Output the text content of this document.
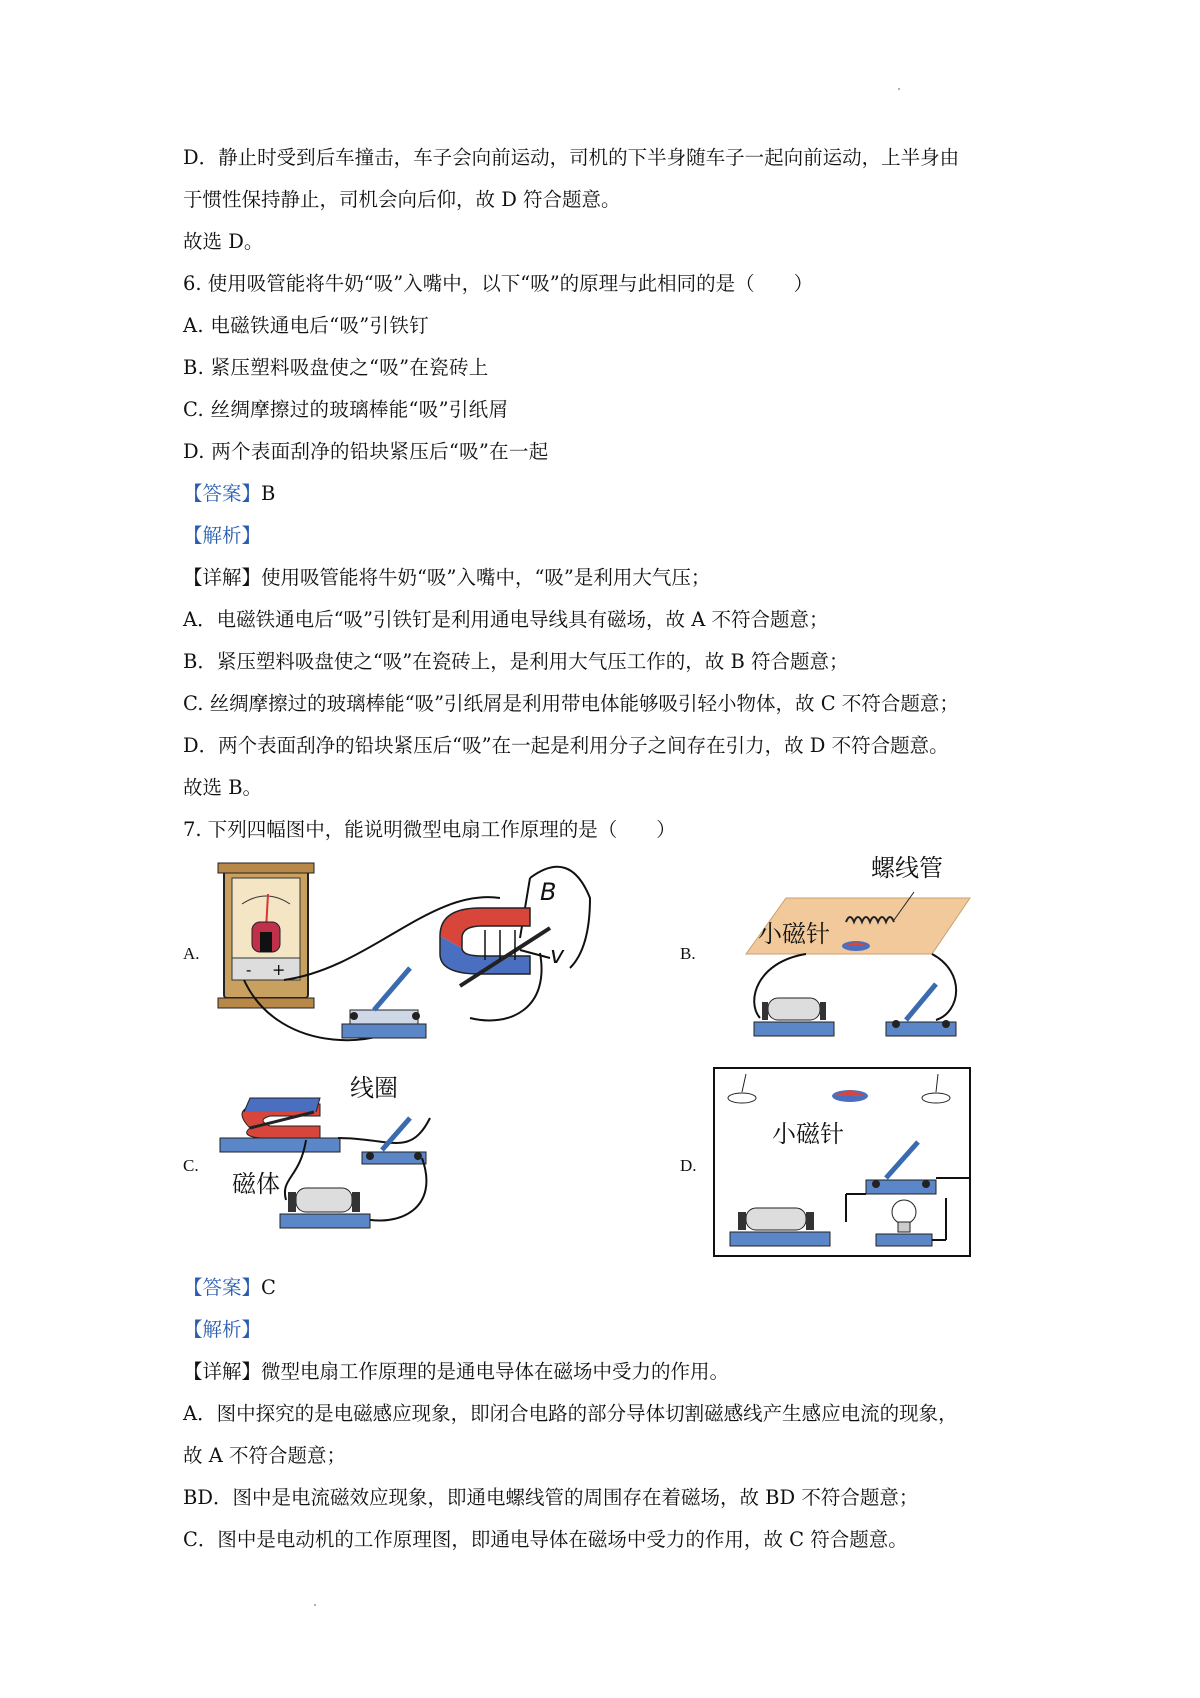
D．静止时受到后车撞击，车子会向前运动，司机的下半身随车子一起向前运动，上半身由
于惯性保持静止，司机会向后仰，故 D 符合题意。
故选 D。
6. 使用吸管能将牛奶“吸”入嘴中，以下“吸”的原理与此相同的是（　　）
A. 电磁铁通电后“吸”引铁钉
B. 紧压塑料吸盘使之“吸”在瓷砖上
C. 丝绸摩擦过的玻璃棒能“吸”引纸屑
D. 两个表面刮净的铅块紧压后“吸”在一起
【答案】B
【解析】
【详解】使用吸管能将牛奶“吸”入嘴中，“吸”是利用大气压；
A．电磁铁通电后“吸”引铁钉是利用通电导线具有磁场，故 A 不符合题意；
B．紧压塑料吸盘使之“吸”在瓷砖上，是利用大气压工作的，故 B 符合题意；
C. 丝绸摩擦过的玻璃棒能“吸”引纸屑是利用带电体能够吸引轻小物体，故 C 不符合题意；
D．两个表面刮净的铅块紧压后“吸”在一起是利用分子之间存在引力，故 D 不符合题意。
故选 B。
7. 下列四幅图中，能说明微型电扇工作原理的是（　　）
A.	B.
C.	D.
- +
B
v
螺线管
小磁针
线圈
磁体
小磁针
【答案】C
【解析】
【详解】微型电扇工作原理的是通电导体在磁场中受力的作用。
A．图中探究的是电磁感应现象，即闭合电路的部分导体切割磁感线产生感应电流的现象，
故 A 不符合题意；
BD．图中是电流磁效应现象，即通电螺线管的周围存在着磁场，故 BD 不符合题意；
C．图中是电动机的工作原理图，即通电导体在磁场中受力的作用，故 C 符合题意。
